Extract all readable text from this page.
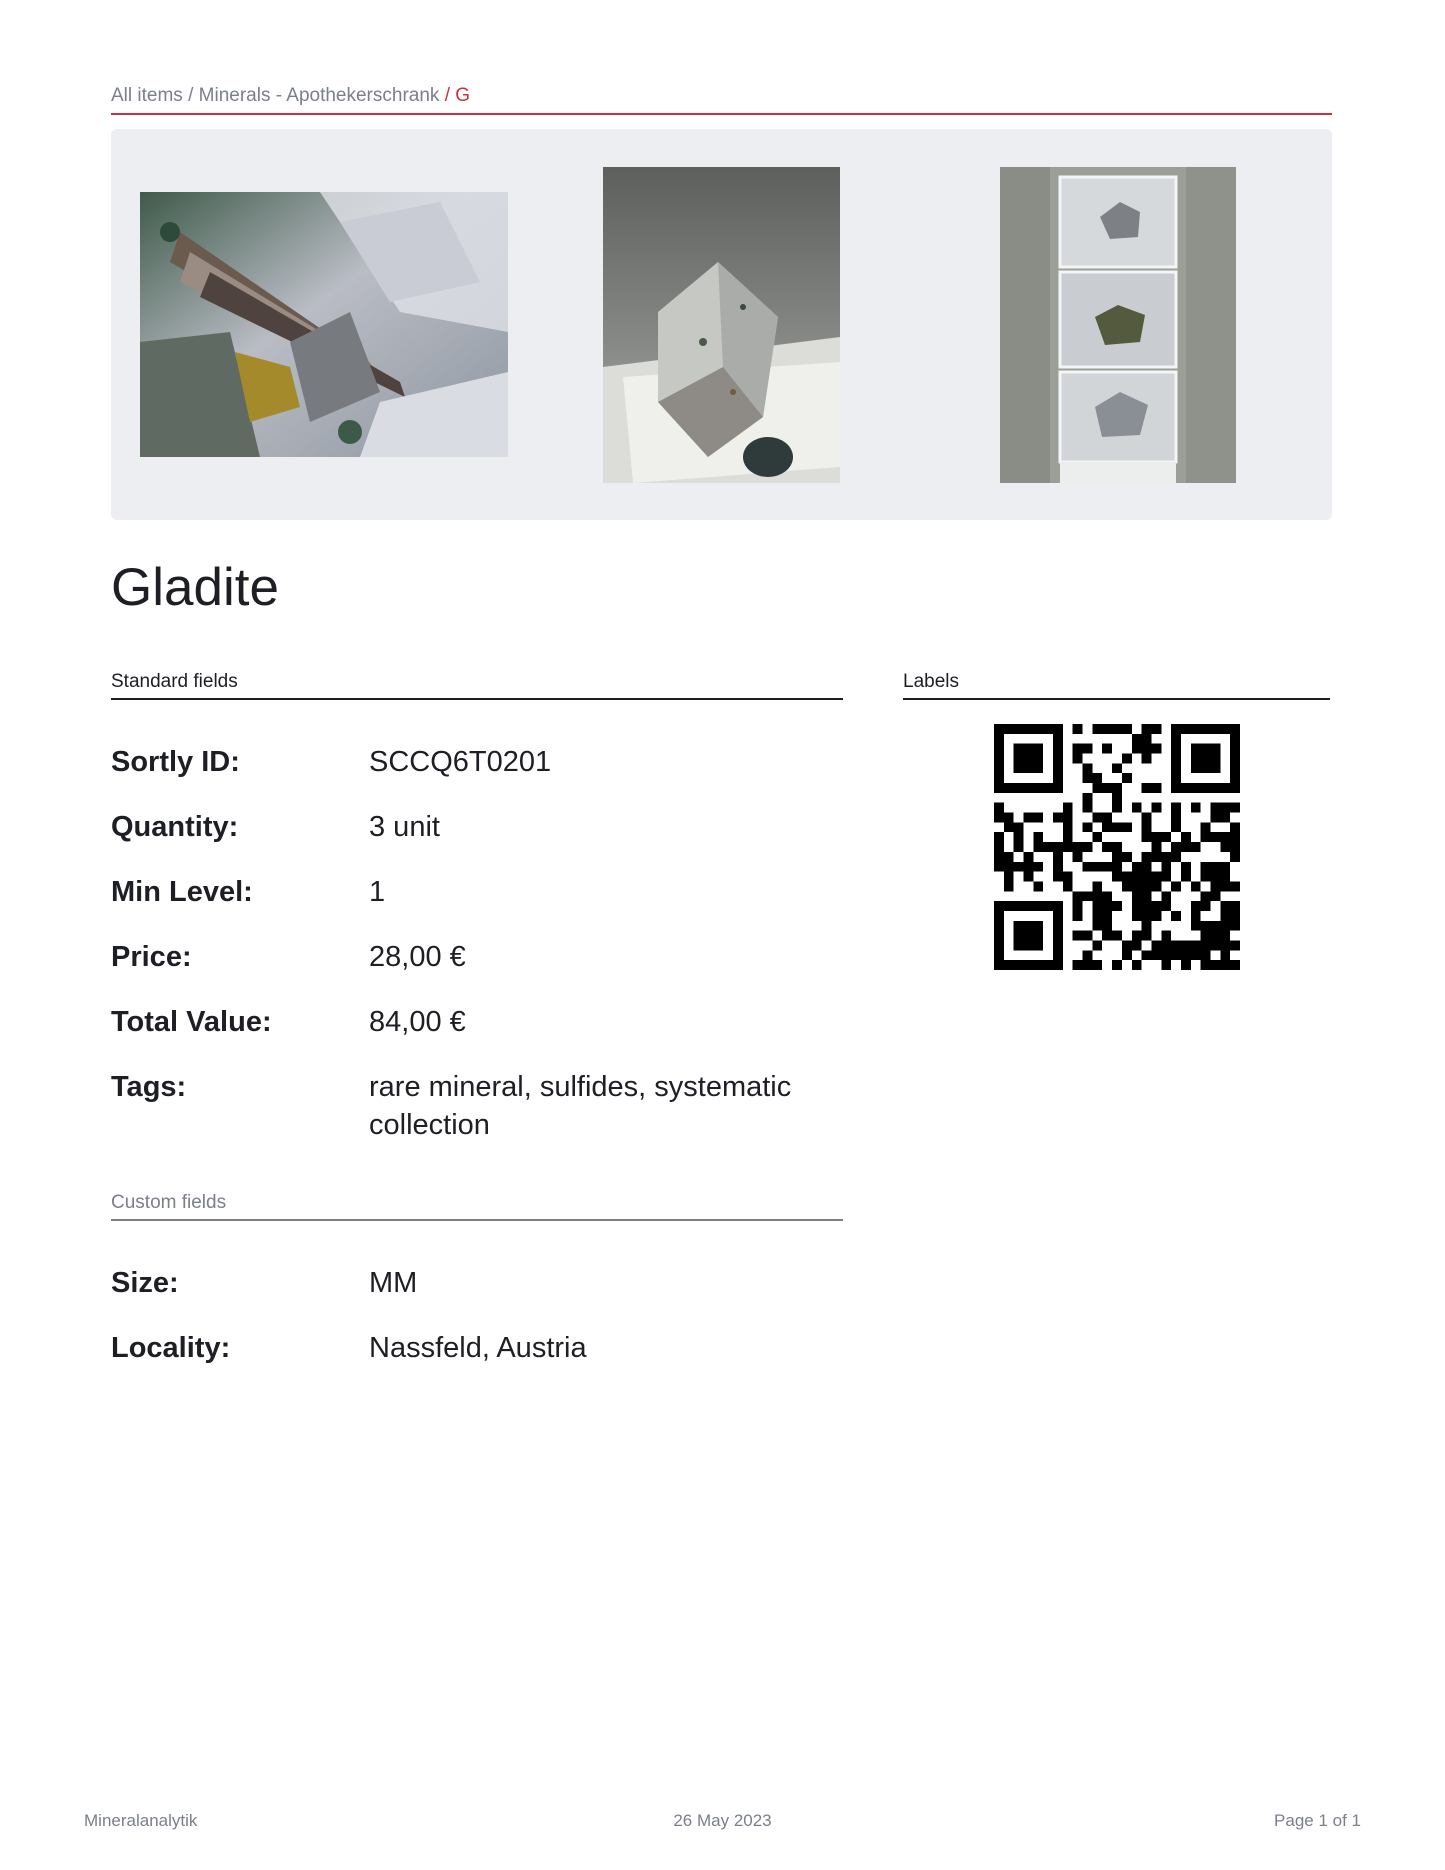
All items / Minerals - Apothekerschrank / G
Gladite
Standard fields	Labels
Sortly ID:	SCCQ6T0201
Quantity:	3 unit
Min Level:	1
Price:	28,00 €
Total Value:	84,00 €
Tags:	rare mineral, sulfides, systematic collection
Custom fields
Size:	MM
Locality:	Nassfeld, Austria
Mineralanalytik	26 May 2023	Page 1 of 1
